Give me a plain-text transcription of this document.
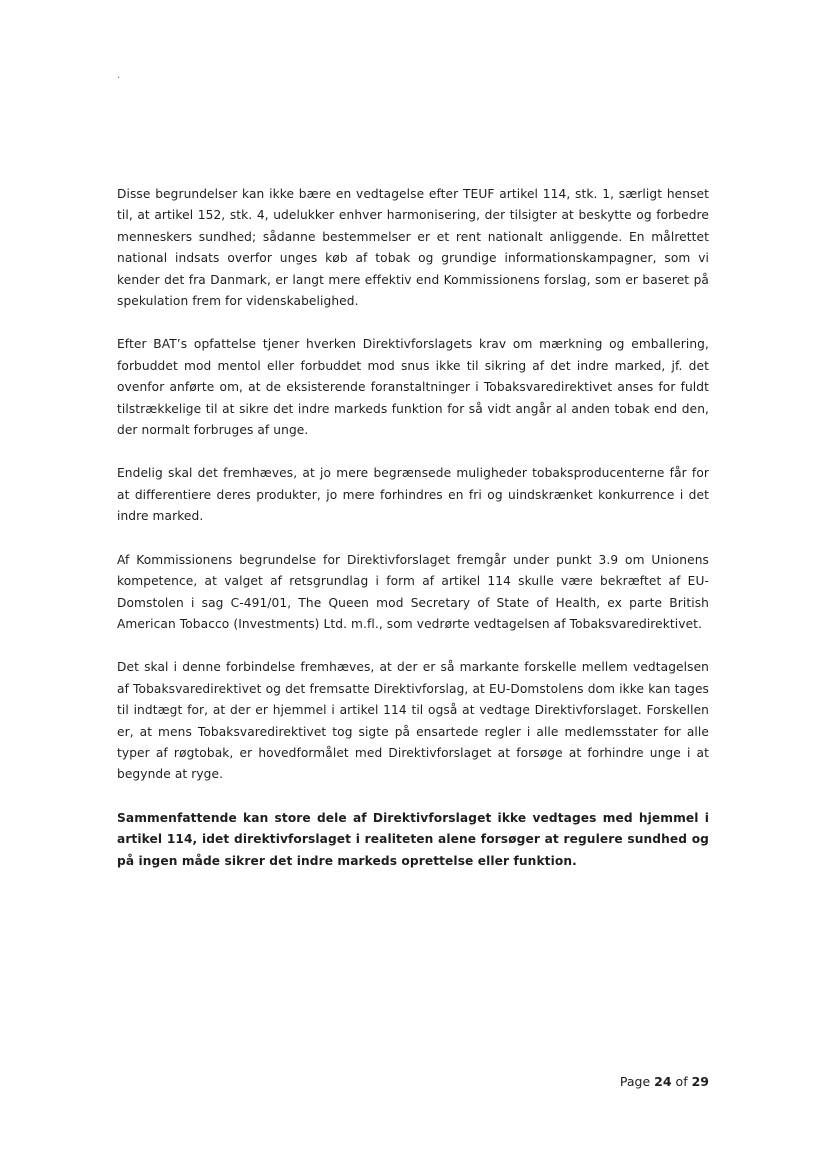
.

Disse begrundelser kan ikke bære en vedtagelse efter TEUF artikel 114, stk. 1, særligt henset til, at artikel 152, stk. 4, udelukker enhver harmonisering, der tilsigter at beskytte og forbedre menneskers sundhed; sådanne bestemmelser er et rent nationalt anliggende. En målrettet national indsats overfor unges køb af tobak og grundige informationskampagner, som vi kender det fra Danmark, er langt mere effektiv end Kommissionens forslag, som er baseret på spekulation frem for videnskabelighed.

Efter BAT’s opfattelse tjener hverken Direktivforslagets krav om mærkning og emballering, forbuddet mod mentol eller forbuddet mod snus ikke til sikring af det indre marked, jf. det ovenfor anførte om, at de eksisterende foranstaltninger i Tobaksvaredirektivet anses for fuldt tilstrækkelige til at sikre det indre markeds funktion for så vidt angår al anden tobak end den, der normalt forbruges af unge.

Endelig skal det fremhæves, at jo mere begrænsede muligheder tobaksproducenterne får for at differentiere deres produkter, jo mere forhindres en fri og uindskrænket konkurrence i det indre marked.

Af Kommissionens begrundelse for Direktivforslaget fremgår under punkt 3.9 om Unionens kompetence, at valget af retsgrundlag i form af artikel 114 skulle være bekræftet af EU-Domstolen i sag C-491/01, The Queen mod Secretary of State of Health, ex parte British American Tobacco (Investments) Ltd. m.fl., som vedrørte vedtagelsen af Tobaksvaredirektivet.

Det skal i denne forbindelse fremhæves, at der er så markante forskelle mellem vedtagelsen af Tobaksvaredirektivet og det fremsatte Direktivforslag, at EU-Domstolens dom ikke kan tages til indtægt for, at der er hjemmel i artikel 114 til også at vedtage Direktivforslaget. Forskellen er, at mens Tobaksvaredirektivet tog sigte på ensartede regler i alle medlemsstater for alle typer af røgtobak, er hovedformålet med Direktivforslaget at forsøge at forhindre unge i at begynde at ryge.

Sammenfattende kan store dele af Direktivforslaget ikke vedtages med hjemmel i artikel 114, idet direktivforslaget i realiteten alene forsøger at regulere sundhed og på ingen måde sikrer det indre markeds oprettelse eller funktion.

Page 24 of 29
